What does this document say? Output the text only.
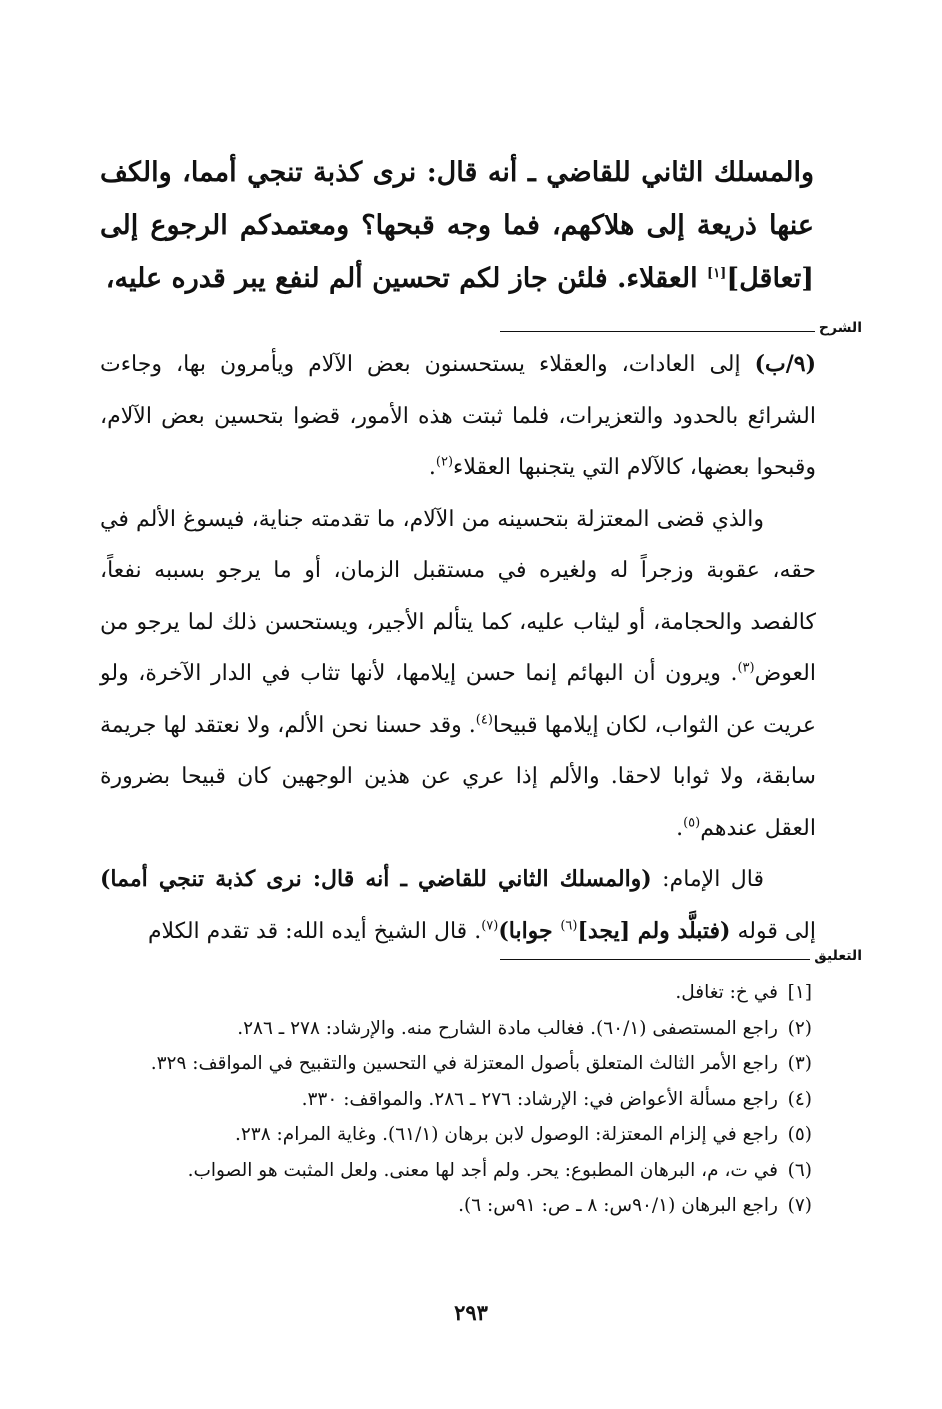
والمسلك الثاني للقاضي ـ أنه قال: نرى كذبة تنجي أمما، والكف عنها ذريعة إلى هلاكهم، فما وجه قبحها؟ ومعتمدكم الرجوع إلى [تعاقل][١] العقلاء. فلئن جاز لكم تحسين ألم لنفع يبر قدره عليه،

الشرح

(٩/ب) إلى العادات، والعقلاء يستحسنون بعض الآلام ويأمرون بها، وجاءت الشرائع بالحدود والتعزيرات، فلما ثبتت هذه الأمور، قضوا بتحسين بعض الآلام، وقبحوا بعضها، كالآلام التي يتجنبها العقلاء$^{(٢)}$.

والذي قضى المعتزلة بتحسينه من الآلام، ما تقدمته جناية، فيسوغ الألم في حقه، عقوبة وزجراً له ولغيره في مستقبل الزمان، أو ما يرجو بسببه نفعاً، كالفصد والحجامة، أو ليثاب عليه، كما يتألم الأجير، ويستحسن ذلك لما يرجو من العوض$^{(٣)}$. ويرون أن البهائم إنما حسن إيلامها، لأنها تثاب في الدار الآخرة، ولو عريت عن الثواب، لكان إيلامها قبيحا$^{(٤)}$. وقد حسنا نحن الألم، ولا نعتقد لها جريمة سابقة، ولا ثوابا لاحقا. والألم إذا عري عن هذين الوجهين كان قبيحا بضرورة العقل عندهم$^{(٥)}$.

قال الإمام: (والمسلك الثاني للقاضي ـ أنه قال: نرى كذبة تنجي أمما) إلى قوله (فتبلَّد ولم [يجد]$^{(٦)}$ جوابا)$^{(٧)}$. قال الشيخ أيده الله: قد تقدم الكلام

التعليق
[١]
في خ: تغافل.
(٢)
راجع المستصفى (٦٠/١). فغالب مادة الشارح منه. والإرشاد: ٢٧٨ ـ ٢٨٦.
(٣)
راجع الأمر الثالث المتعلق بأصول المعتزلة في التحسين والتقبيح في المواقف: ٣٢٩.
(٤)
راجع مسألة الأعواض في: الإرشاد: ٢٧٦ ـ ٢٨٦. والمواقف: ٣٣٠.
(٥)
راجع في إلزام المعتزلة: الوصول لابن برهان (٦١/١). وغاية المرام: ٢٣٨.
(٦)
في ت، م، البرهان المطبوع: يحر. ولم أجد لها معنى. ولعل المثبت هو الصواب.
(٧)
راجع البرهان (٩٠/١س: ٨ ـ ص: ٩١س: ٦).
٢٩٣
